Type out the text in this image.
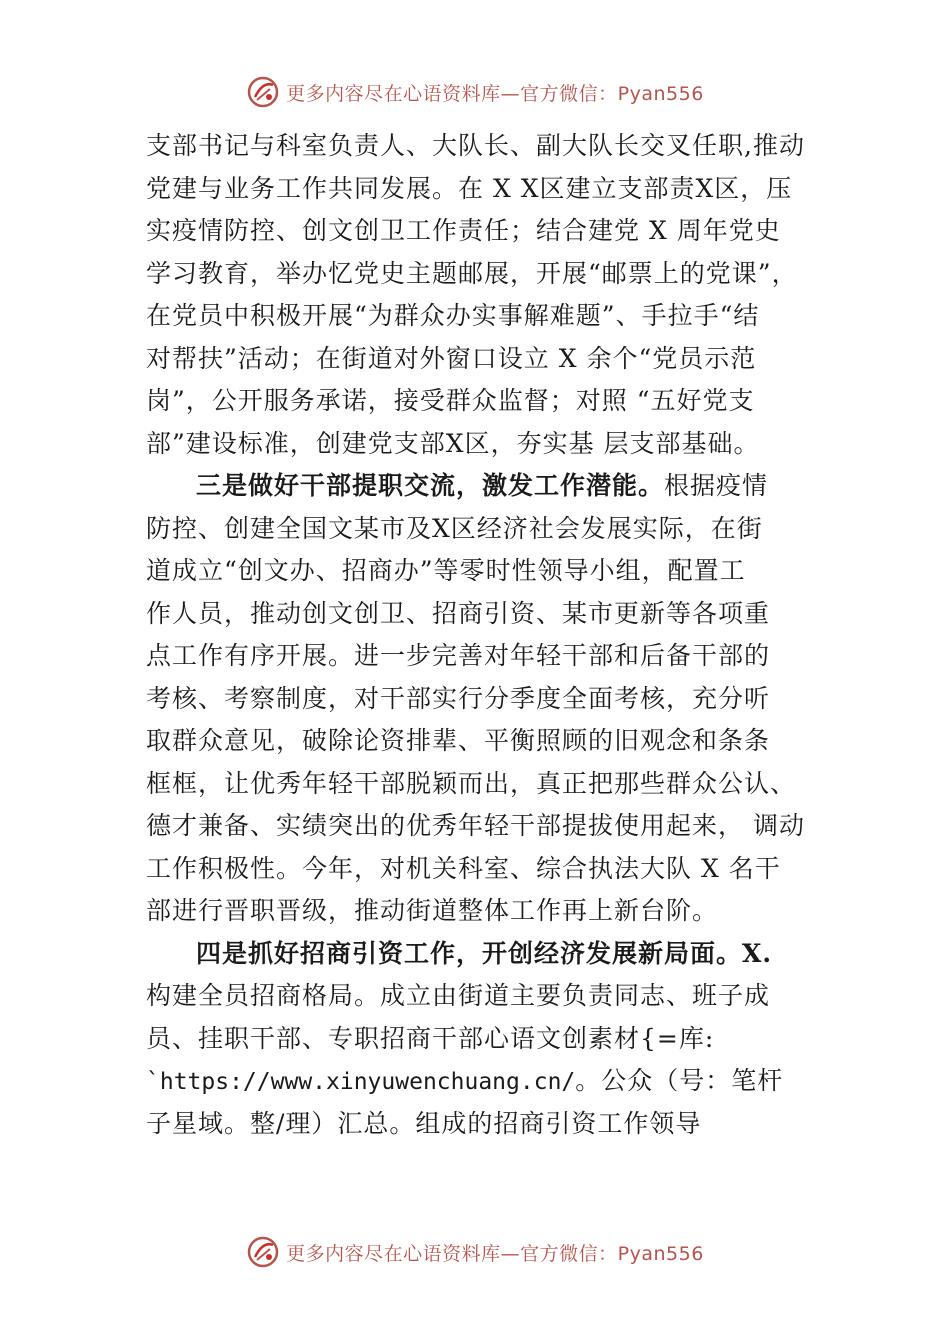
更多内容尽在心语资料库—官方微信：Pyan556
支部书记与科室负责人、大队长、副大队长交叉任职,推动
党建与业务工作共同发展。在 X X区建立支部责X区，压
实疫情防控、创文创卫工作责任；结合建党 X 周年党史
学习教育，举办忆党史主题邮展，开展“邮票上的党课”，
在党员中积极开展“为群众办实事解难题”、手拉手“结
对帮扶”活动；在街道对外窗口设立 X 余个“党员示范
岗”，公开服务承诺，接受群众监督；对照 “五好党支
部”建设标准，创建党支部X区，夯实基 层支部基础。
三是做好干部提职交流，激发工作潜能。根据疫情
防控、创建全国文某市及X区经济社会发展实际，在街
道成立“创文办、招商办”等零时性领导小组，配置工
作人员，推动创文创卫、招商引资、某市更新等各项重
点工作有序开展。进一步完善对年轻干部和后备干部的
考核、考察制度，对干部实行分季度全面考核，充分听
取群众意见，破除论资排辈、平衡照顾的旧观念和条条
框框，让优秀年轻干部脱颖而出，真正把那些群众公认、
德才兼备、实绩突出的优秀年轻干部提拔使用起来， 调动
工作积极性。今年，对机关科室、综合执法大队 X 名干
部进行晋职晋级，推动街道整体工作再上新台阶。
四是抓好招商引资工作，开创经济发展新局面。X.
构建全员招商格局。成立由街道主要负责同志、班子成
员、挂职干部、专职招商干部心语文创素材{=库:
`https://www.xinyuwenchuang.cn/。公众（号：笔杆
子星域。整/理）汇总。组成的招商引资工作领导
更多内容尽在心语资料库—官方微信：Pyan556
